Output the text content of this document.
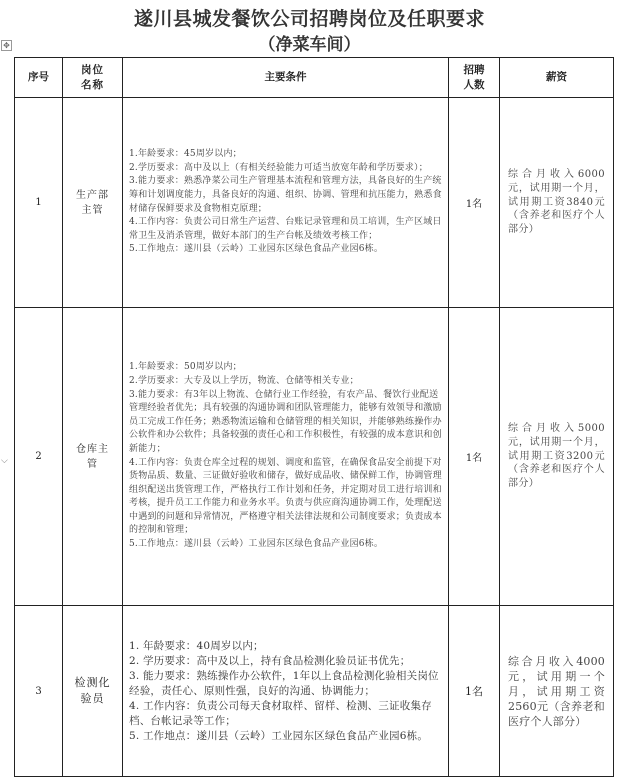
遂川县城发餐饮公司招聘岗位及任职要求
（净菜车间）
✥
⌵
序号	岗位名称	主要条件	招聘人数	薪资
1	生产部主管	1.年龄要求：45周岁以内；

2.学历要求：高中及以上（有相关经验能力可适当放宽年龄和学历要求）；

3.能力要求：熟悉净菜公司生产管理基本流程和管理方法，具备良好的生产统筹和计划调度能力，具备良好的沟通、组织、协调、管理和抗压能力，熟悉食材储存保鲜要求及食物相克原理；

4.工作内容：负责公司日常生产运营、台账记录管理和员工培训，生产区域日常卫生及消杀管理，做好本部门的生产台帐及绩效考核工作；

5.工作地点：遂川县（云岭）工业园东区绿色食品产业园6栋。	1名	综合月收入6000元，试用期一个月，试用期工资3840元（含养老和医疗个人部分）

2	仓库主管	1.年龄要求：50周岁以内；

2.学历要求：大专及以上学历，物流、仓储等相关专业；

3.能力要求：有3年以上物流、仓储行业工作经验，有农产品、餐饮行业配送管理经验者优先；具有较强的沟通协调和团队管理能力，能够有效领导和激励员工完成工作任务；熟悉物流运输和仓储管理的相关知识，并能够熟练操作办公软件和办公软件；具备较强的责任心和工作积极性，有较强的成本意识和创新能力；

4.工作内容：负责仓库全过程的规划、调度和监管，在确保食品安全前提下对货物品质、数量、三证做好验收和储存，做好成品收、储保鲜工作，协调管理组织配送出货管理工作，严格执行工作计划和任务，并定期对员工进行培训和考核，提升员工工作能力和业务水平。负责与供应商沟通协调工作，处理配送中遇到的问题和异常情况，严格遵守相关法律法规和公司制度要求；负责成本的控制和管理；

5.工作地点：遂川县（云岭）工业园东区绿色食品产业园6栋。	1名	综合月收入5000元，试用期一个月，试用期工资3200元（含养老和医疗个人部分）

3	检测化验员	1. 年龄要求：40周岁以内；

2. 学历要求：高中及以上，持有食品检测化验员证书优先；

3. 能力要求：熟练操作办公软件，1年以上食品检测化验相关岗位经验，责任心、原则性强，良好的沟通、协调能力；

4. 工作内容：负责公司每天食材取样、留样、检测、三证收集存档、台帐记录等工作；

5. 工作地点：遂川县（云岭）工业园东区绿色食品产业园6栋。	1名	综合月收入4000元，试用期一个月，试用期工资2560元（含养老和医疗个人部分）
